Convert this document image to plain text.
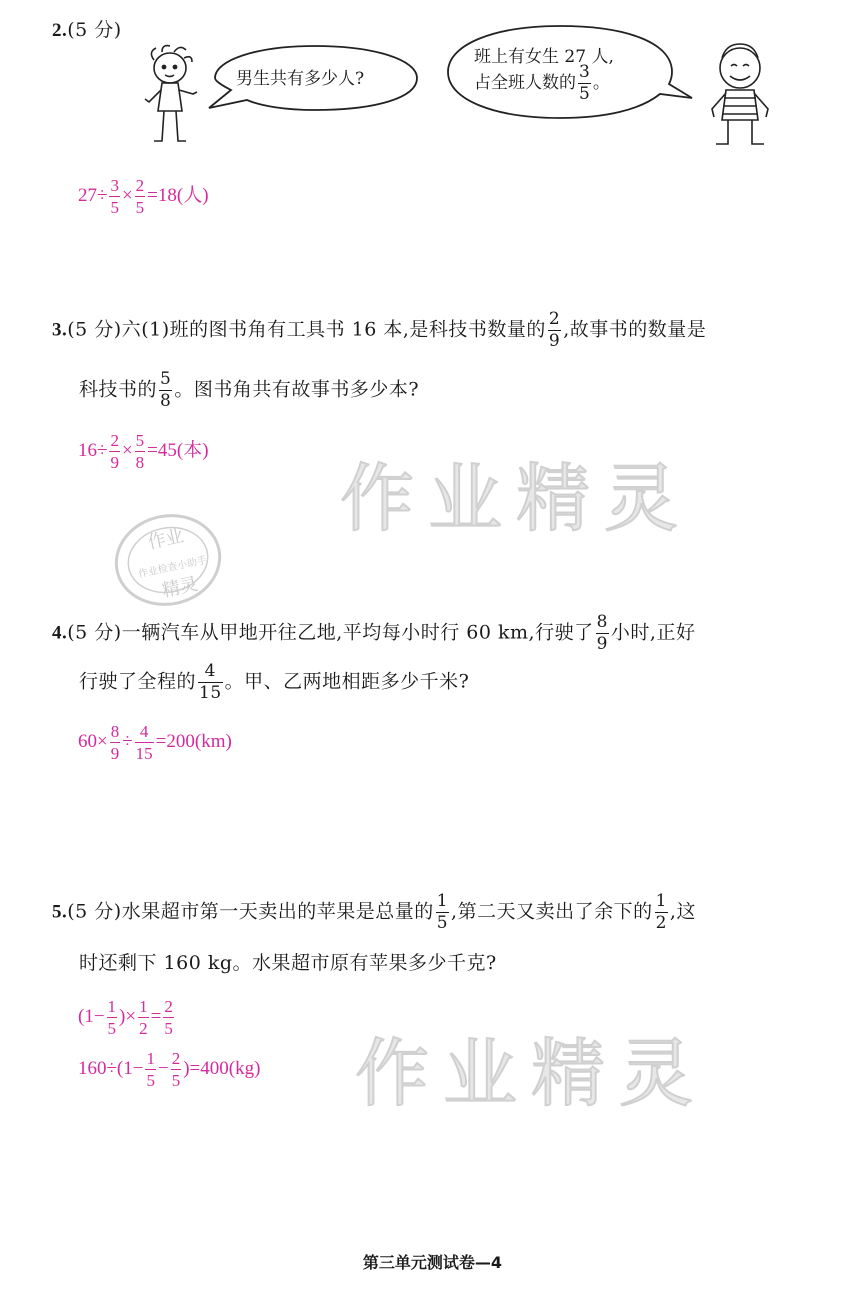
2.(5 分)
男生共有多少人?
班上有女生 27 人,
占全班人数的 $\frac{3}{5}$ 。
$27\div \frac{3}{5} \times \frac{2}{5} =18$(人)
3.(5 分)六(1)班的图书角有工具书 16 本,是科技书数量的 $\frac{2}{9}$ ,故事书的数量是
科技书的 $\frac{5}{8}$ 。图书角共有故事书多少本?
$16\div \frac{2}{9} \times \frac{5}{8} =45$(本)
作业精灵
作业
作业检查小助手
精灵
4.(5 分)一辆汽车从甲地开往乙地,平均每小时行 60 km,行驶了 $\frac{8}{9}$ 小时,正好
行驶了全程的 $\frac{4}{15}$ 。甲、乙两地相距多少千米?
$60\times \frac{8}{9} \div \frac{4}{15} =200(km)$
5.(5 分)水果超市第一天卖出的苹果是总量的 $\frac{1}{5}$ ,第二天又卖出了余下的 $\frac{1}{2}$ ,这
时还剩下 160 kg。水果超市原有苹果多少千克?
($1- \frac{1}{5}$ )× $\frac{1}{2} = \frac{2}{5}$
作业精灵
$160\div(1- \frac{1}{5} - \frac{2}{5} )=400(kg)$
第三单元测试卷—4
